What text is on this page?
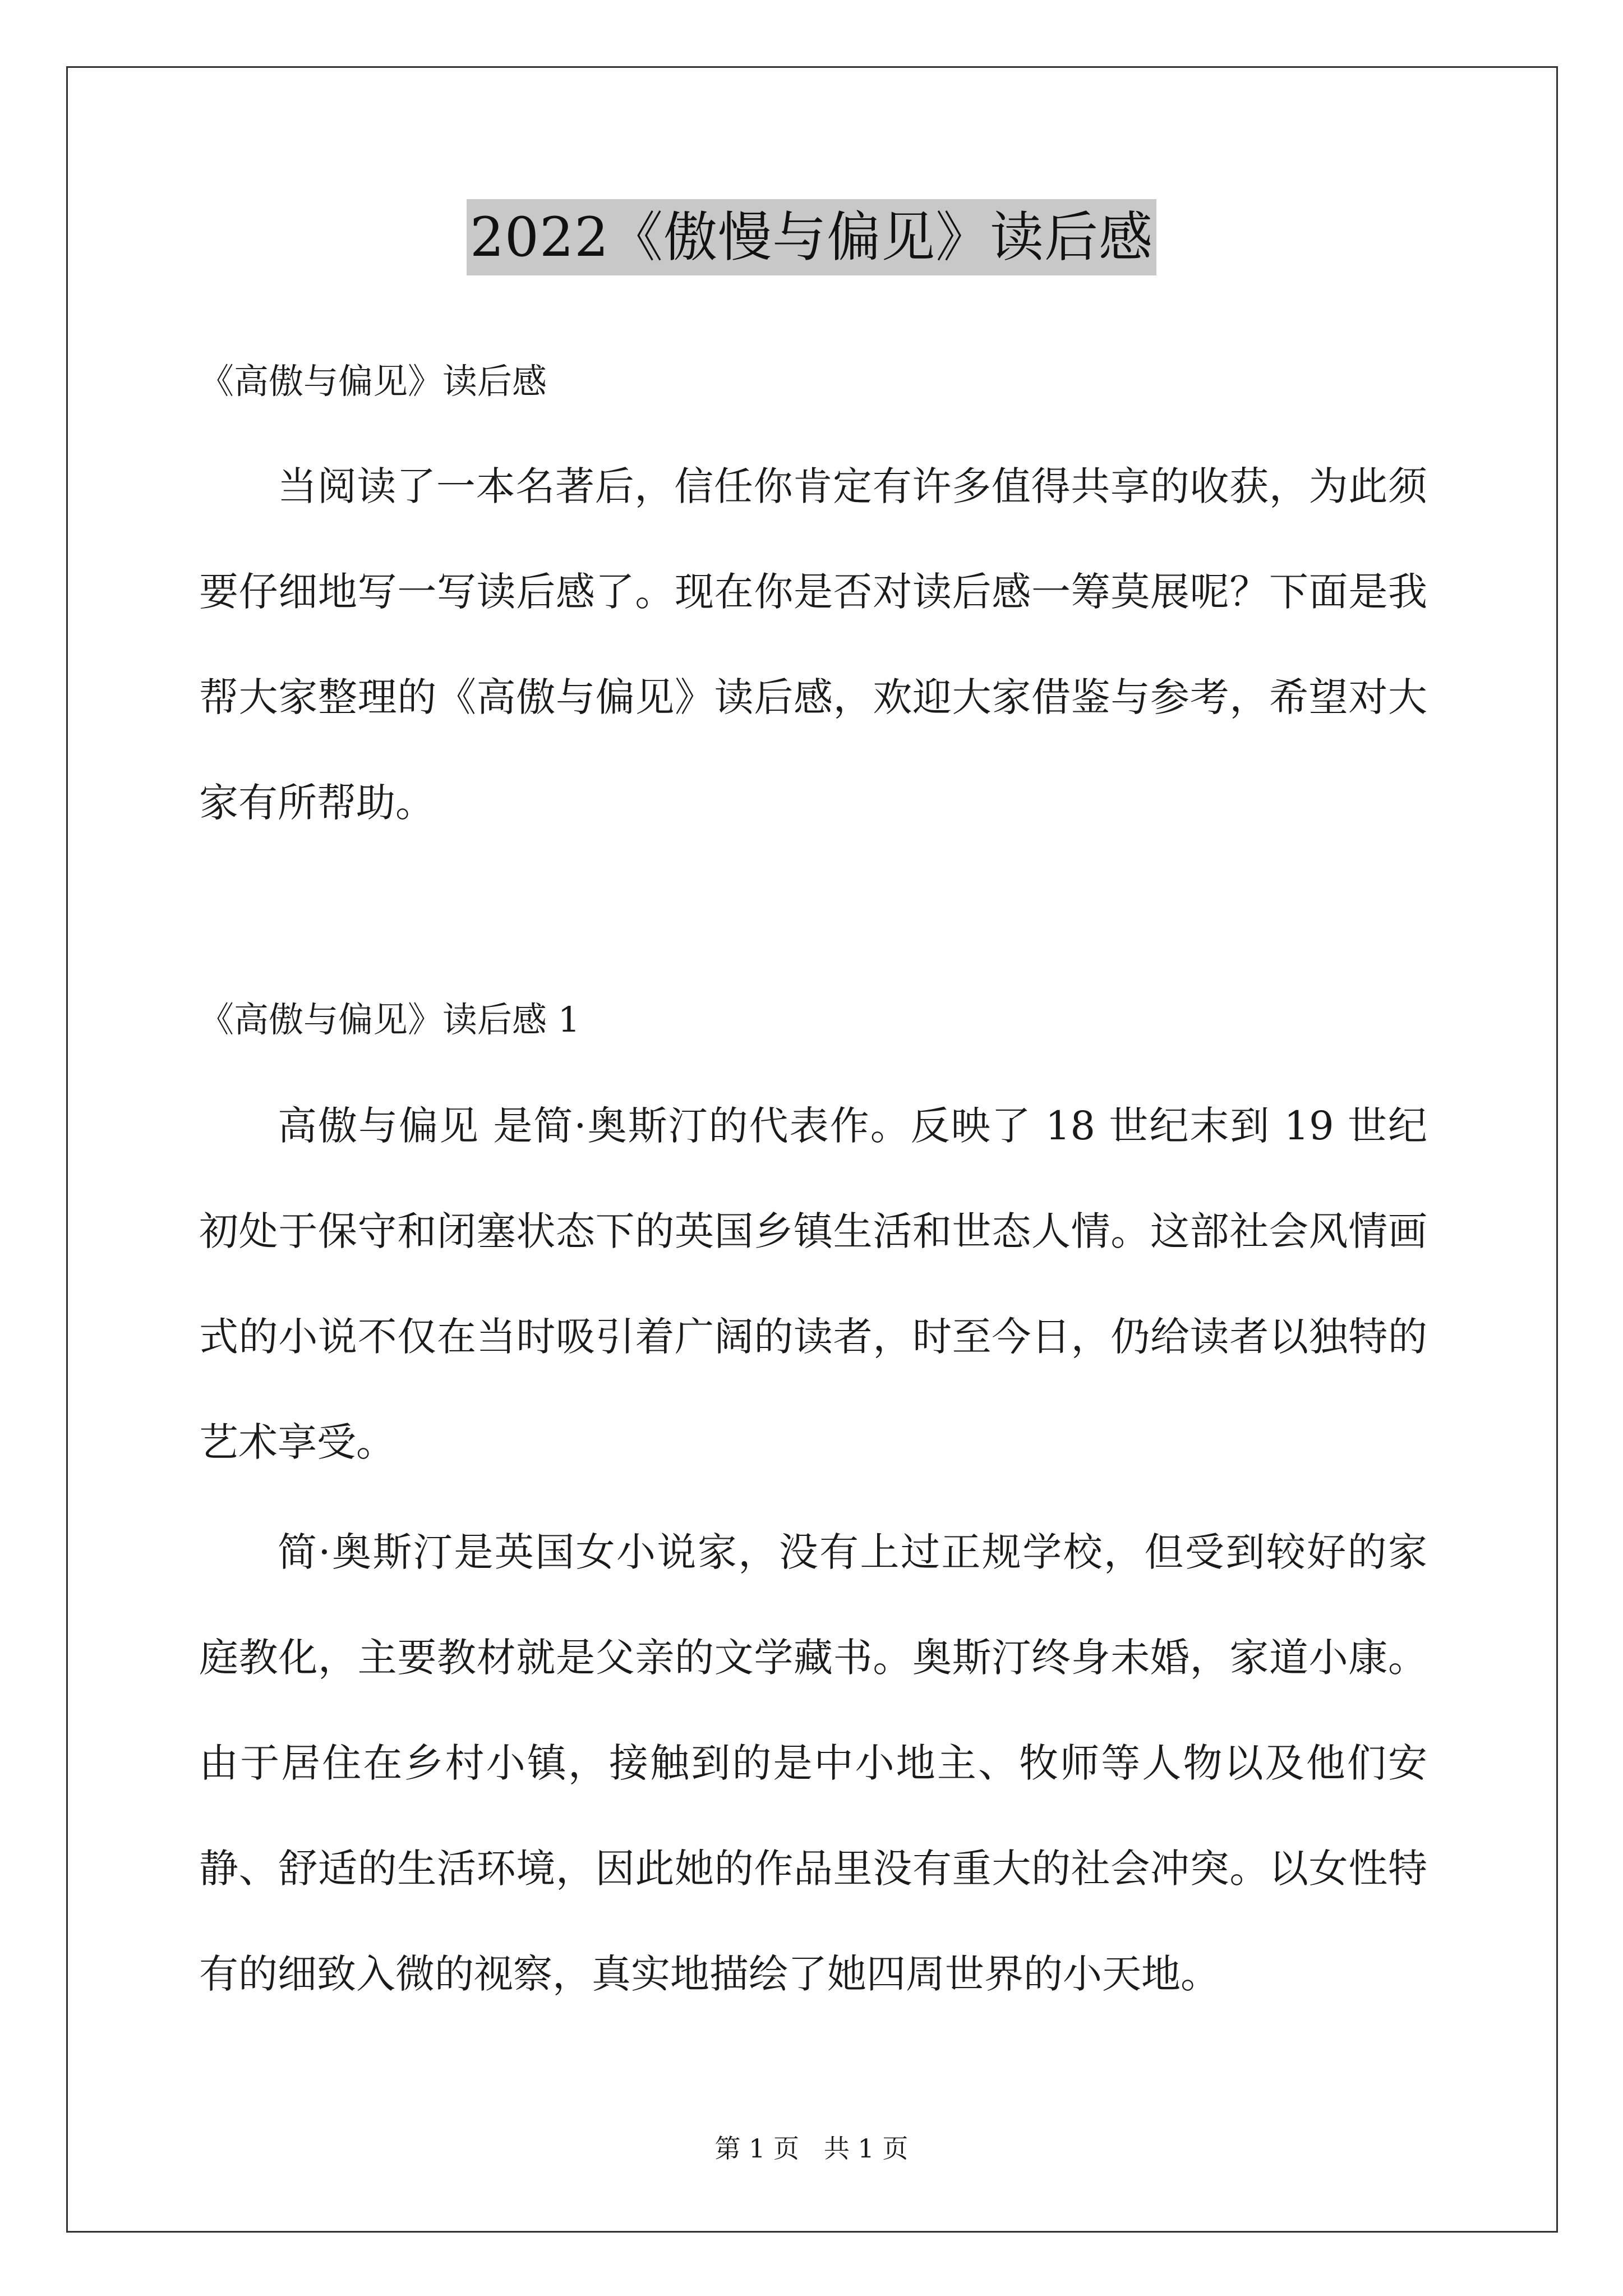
2022《傲慢与偏见》读后感
《高傲与偏见》读后感
当阅读了一本名著后，信任你肯定有许多值得共享的收获，为此须要仔细地写一写读后感了。现在你是否对读后感一筹莫展呢？下面是我帮大家整理的《高傲与偏见》读后感，欢迎大家借鉴与参考，希望对大家有所帮助。
《高傲与偏见》读后感 1
高傲与偏见 是简·奥斯汀的代表作。反映了 18 世纪末到 19 世纪初处于保守和闭塞状态下的英国乡镇生活和世态人情。这部社会风情画式的小说不仅在当时吸引着广阔的读者，时至今日，仍给读者以独特的艺术享受。
简·奥斯汀是英国女小说家，没有上过正规学校，但受到较好的家庭教化，主要教材就是父亲的文学藏书。奥斯汀终身未婚，家道小康。由于居住在乡村小镇，接触到的是中小地主、牧师等人物以及他们安静、舒适的生活环境，因此她的作品里没有重大的社会冲突。以女性特有的细致入微的视察，真实地描绘了她四周世界的小天地。
第 1 页   共 1 页
